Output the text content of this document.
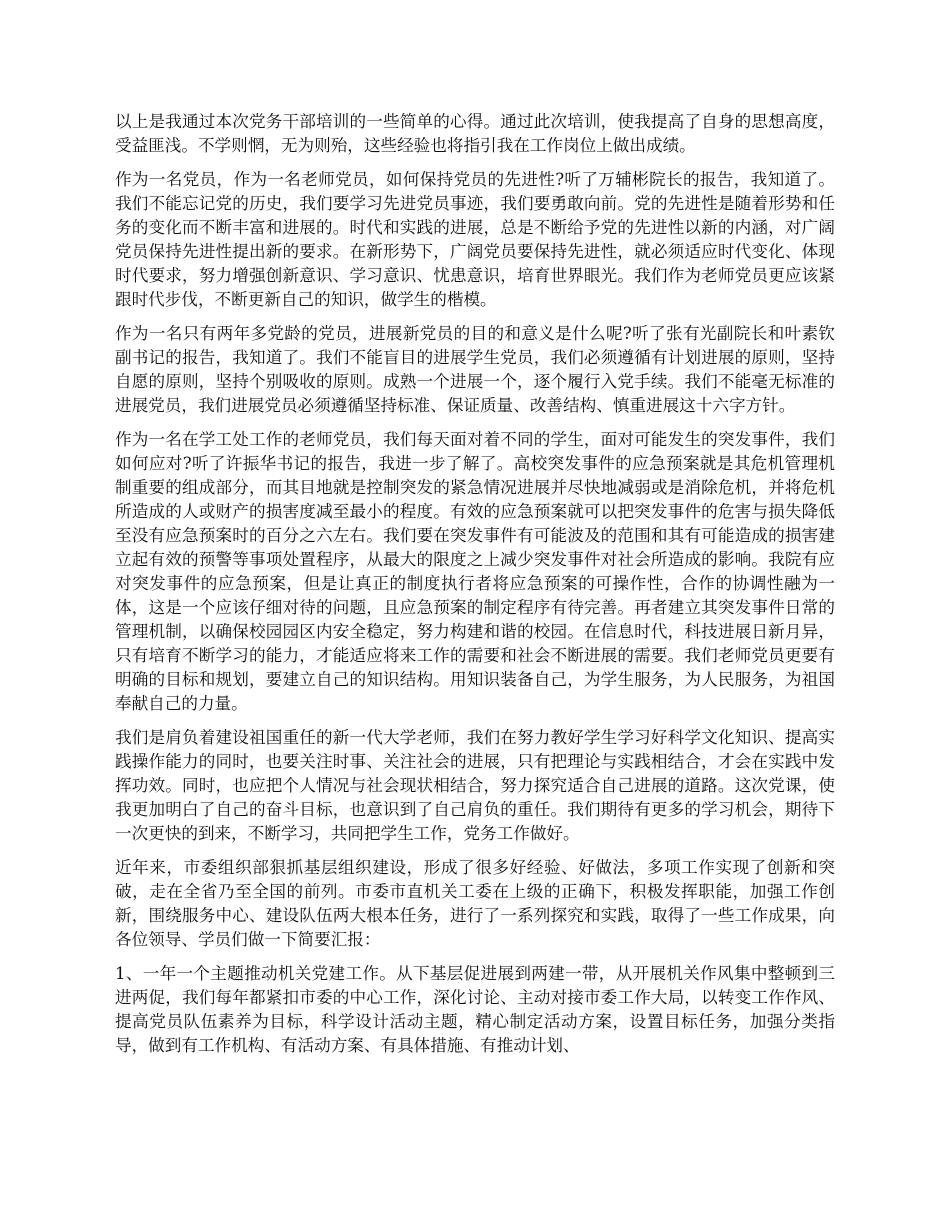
以上是我通过本次党务干部培训的一些简单的心得。通过此次培训，使我提高了自身的思想高度，受益匪浅。不学则惘，无为则殆，这些经验也将指引我在工作岗位上做出成绩。

作为一名党员，作为一名老师党员，如何保持党员的先进性?听了万辅彬院长的报告，我知道了。我们不能忘记党的历史，我们要学习先进党员事迹，我们要勇敢向前。党的先进性是随着形势和任务的变化而不断丰富和进展的。时代和实践的进展，总是不断给予党的先进性以新的内涵，对广阔党员保持先进性提出新的要求。在新形势下，广阔党员要保持先进性，就必须适应时代变化、体现时代要求，努力增强创新意识、学习意识、忧患意识，培育世界眼光。我们作为老师党员更应该紧跟时代步伐，不断更新自己的知识，做学生的楷模。

作为一名只有两年多党龄的党员，进展新党员的目的和意义是什么呢?听了张有光副院长和叶素钦副书记的报告，我知道了。我们不能盲目的进展学生党员，我们必须遵循有计划进展的原则，坚持自愿的原则，坚持个别吸收的原则。成熟一个进展一个，逐个履行入党手续。我们不能毫无标准的进展党员，我们进展党员必须遵循坚持标准、保证质量、改善结构、慎重进展这十六字方针。

作为一名在学工处工作的老师党员，我们每天面对着不同的学生，面对可能发生的突发事件，我们如何应对?听了许振华书记的报告，我进一步了解了。高校突发事件的应急预案就是其危机管理机制重要的组成部分，而其目地就是控制突发的紧急情况进展并尽快地减弱或是消除危机，并将危机所造成的人或财产的损害度减至最小的程度。有效的应急预案就可以把突发事件的危害与损失降低至没有应急预案时的百分之六左右。我们要在突发事件有可能波及的范围和其有可能造成的损害建立起有效的预警等事项处置程序，从最大的限度之上减少突发事件对社会所造成的影响。我院有应对突发事件的应急预案，但是让真正的制度执行者将应急预案的可操作性，合作的协调性融为一体，这是一个应该仔细对待的问题，且应急预案的制定程序有待完善。再者建立其突发事件日常的管理机制，以确保校园园区内安全稳定，努力构建和谐的校园。在信息时代，科技进展日新月异，只有培育不断学习的能力，才能适应将来工作的需要和社会不断进展的需要。我们老师党员更要有明确的目标和规划，要建立自己的知识结构。用知识装备自己，为学生服务，为人民服务，为祖国奉献自己的力量。

我们是肩负着建设祖国重任的新一代大学老师，我们在努力教好学生学习好科学文化知识、提高实践操作能力的同时，也要关注时事、关注社会的进展，只有把理论与实践相结合，才会在实践中发挥功效。同时，也应把个人情况与社会现状相结合，努力探究适合自己进展的道路。这次党课，使我更加明白了自己的奋斗目标，也意识到了自己肩负的重任。我们期待有更多的学习机会，期待下一次更快的到来，不断学习，共同把学生工作，党务工作做好。

近年来，市委组织部狠抓基层组织建设，形成了很多好经验、好做法，多项工作实现了创新和突破，走在全省乃至全国的前列。市委市直机关工委在上级的正确下，积极发挥职能，加强工作创新，围绕服务中心、建设队伍两大根本任务，进行了一系列探究和实践，取得了一些工作成果，向各位领导、学员们做一下简要汇报：

1、一年一个主题推动机关党建工作。从下基层促进展到两建一带，从开展机关作风集中整顿到三进两促，我们每年都紧扣市委的中心工作，深化讨论、主动对接市委工作大局，以转变工作作风、提高党员队伍素养为目标，科学设计活动主题，精心制定活动方案，设置目标任务，加强分类指导，做到有工作机构、有活动方案、有具体措施、有推动计划、
